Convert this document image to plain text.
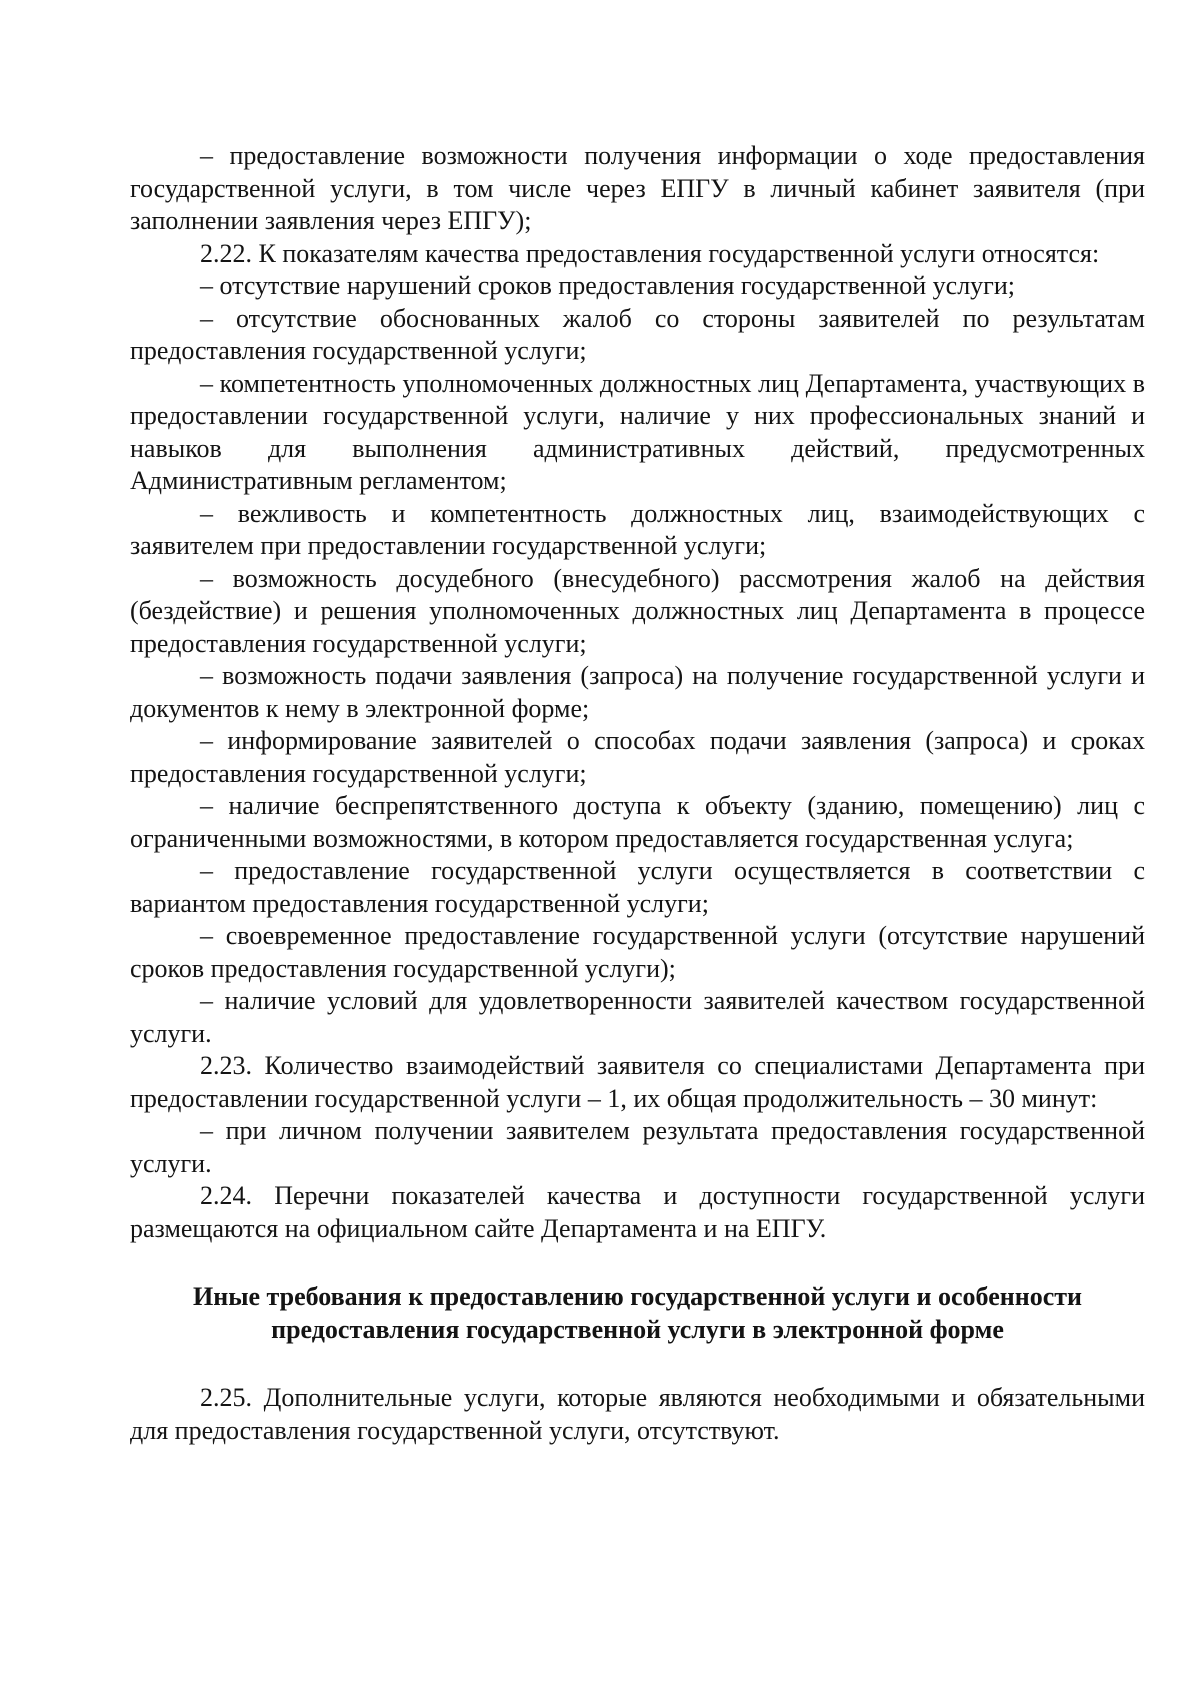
– предоставление возможности получения информации о ходе предоставления государственной услуги, в том числе через ЕПГУ в личный кабинет заявителя (при заполнении заявления через ЕПГУ);

2.22. К показателям качества предоставления государственной услуги относятся:

– отсутствие нарушений сроков предоставления государственной услуги;

– отсутствие обоснованных жалоб со стороны заявителей по результатам предоставления государственной услуги;

– компетентность уполномоченных должностных лиц Департамента, участвующих в предоставлении государственной услуги, наличие у них профессиональных знаний и навыков для выполнения административных действий, предусмотренных Административным регламентом;

– вежливость и компетентность должностных лиц, взаимодействующих с заявителем при предоставлении государственной услуги;

– возможность досудебного (внесудебного) рассмотрения жалоб на действия (бездействие) и решения уполномоченных должностных лиц Департамента в процессе предоставления государственной услуги;

– возможность подачи заявления (запроса) на получение государственной услуги и документов к нему в электронной форме;

– информирование заявителей о способах подачи заявления (запроса) и сроках предоставления государственной услуги;

– наличие беспрепятственного доступа к объекту (зданию, помещению) лиц с ограниченными возможностями, в котором предоставляется государственная услуга;

– предоставление государственной услуги осуществляется в соответствии с вариантом предоставления государственной услуги;

– своевременное предоставление государственной услуги (отсутствие нарушений сроков предоставления государственной услуги);

– наличие условий для удовлетворенности заявителей качеством государственной услуги.

2.23. Количество взаимодействий заявителя со специалистами Департамента при предоставлении государственной услуги – 1, их общая продолжительность – 30 минут:

– при личном получении заявителем результата предоставления государственной услуги.

2.24. Перечни показателей качества и доступности государственной услуги размещаются на официальном сайте Департамента и на ЕПГУ.

Иные требования к предоставлению государственной услуги и особенности
предоставления государственной услуги в электронной форме

2.25. Дополнительные услуги, которые являются необходимыми и обязательными для предоставления государственной услуги, отсутствуют.
